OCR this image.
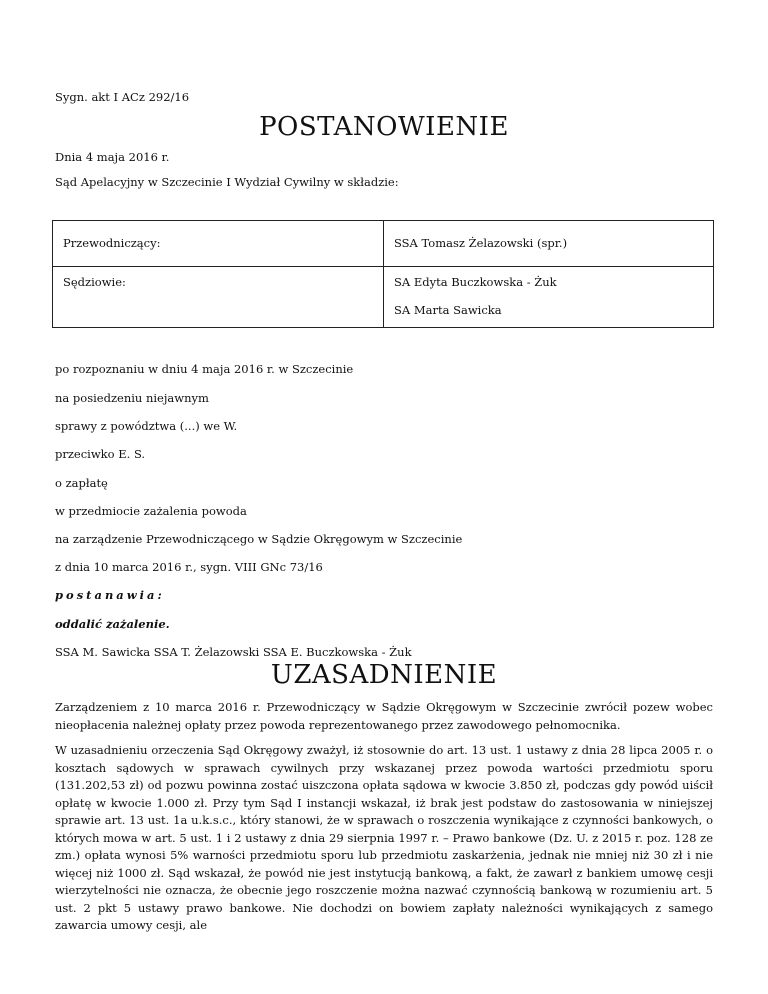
Sygn. akt I ACz 292/16
POSTANOWIENIE
Dnia 4 maja 2016 r.
Sąd Apelacyjny w Szczecinie I Wydział Cywilny w składzie:
Przewodniczący:	SSA Tomasz Żelazowski (spr.)

Sędziowie:	SA Edyta Buczkowska - Żuk
SA Marta Sawicka
po rozpoznaniu w dniu 4 maja 2016 r. w Szczecinie
na posiedzeniu niejawnym
sprawy z powództwa (...) we W.
przeciwko E. S.
o zapłatę
w przedmiocie zażalenia powoda
na zarządzenie Przewodniczącego w Sądzie Okręgowym w Szczecinie
z dnia 10 marca 2016 r., sygn. VIII GNc 73/16
postanawia:
oddalić zażalenie.
SSA M. Sawicka SSA T. Żelazowski SSA E. Buczkowska - Żuk
UZASADNIENIE
Zarządzeniem z 10 marca 2016 r. Przewodniczący w Sądzie Okręgowym w Szczecinie zwrócił pozew wobec nieopłacenia należnej opłaty przez powoda reprezentowanego przez zawodowego pełnomocnika.
W uzasadnieniu orzeczenia Sąd Okręgowy zważył, iż stosownie do art. 13 ust. 1 ustawy z dnia 28 lipca 2005 r. o kosztach sądowych w sprawach cywilnych przy wskazanej przez powoda wartości przedmiotu sporu (131.202,53 zł) od pozwu powinna zostać uiszczona opłata sądowa w kwocie 3.850 zł, podczas gdy powód uiścił opłatę w kwocie 1.000 zł. Przy tym Sąd I instancji wskazał, iż brak jest podstaw do zastosowania w niniejszej sprawie art. 13 ust. 1a u.k.s.c., który stanowi, że w sprawach o roszczenia wynikające z czynności bankowych, o których mowa w art. 5 ust. 1 i 2 ustawy z dnia 29 sierpnia 1997 r. – Prawo bankowe (Dz. U. z 2015 r. poz. 128 ze zm.) opłata wynosi 5% warności przedmiotu sporu lub przedmiotu zaskarżenia, jednak nie mniej niż 30 zł i nie więcej niż 1000 zł. Sąd wskazał, że powód nie jest instytucją bankową, a fakt, że zawarł z bankiem umowę cesji wierzytelności nie oznacza, że obecnie jego roszczenie można nazwać czynnością bankową w rozumieniu art. 5 ust. 2 pkt 5 ustawy prawo bankowe. Nie dochodzi on bowiem zapłaty należności wynikających z samego zawarcia umowy cesji, ale
